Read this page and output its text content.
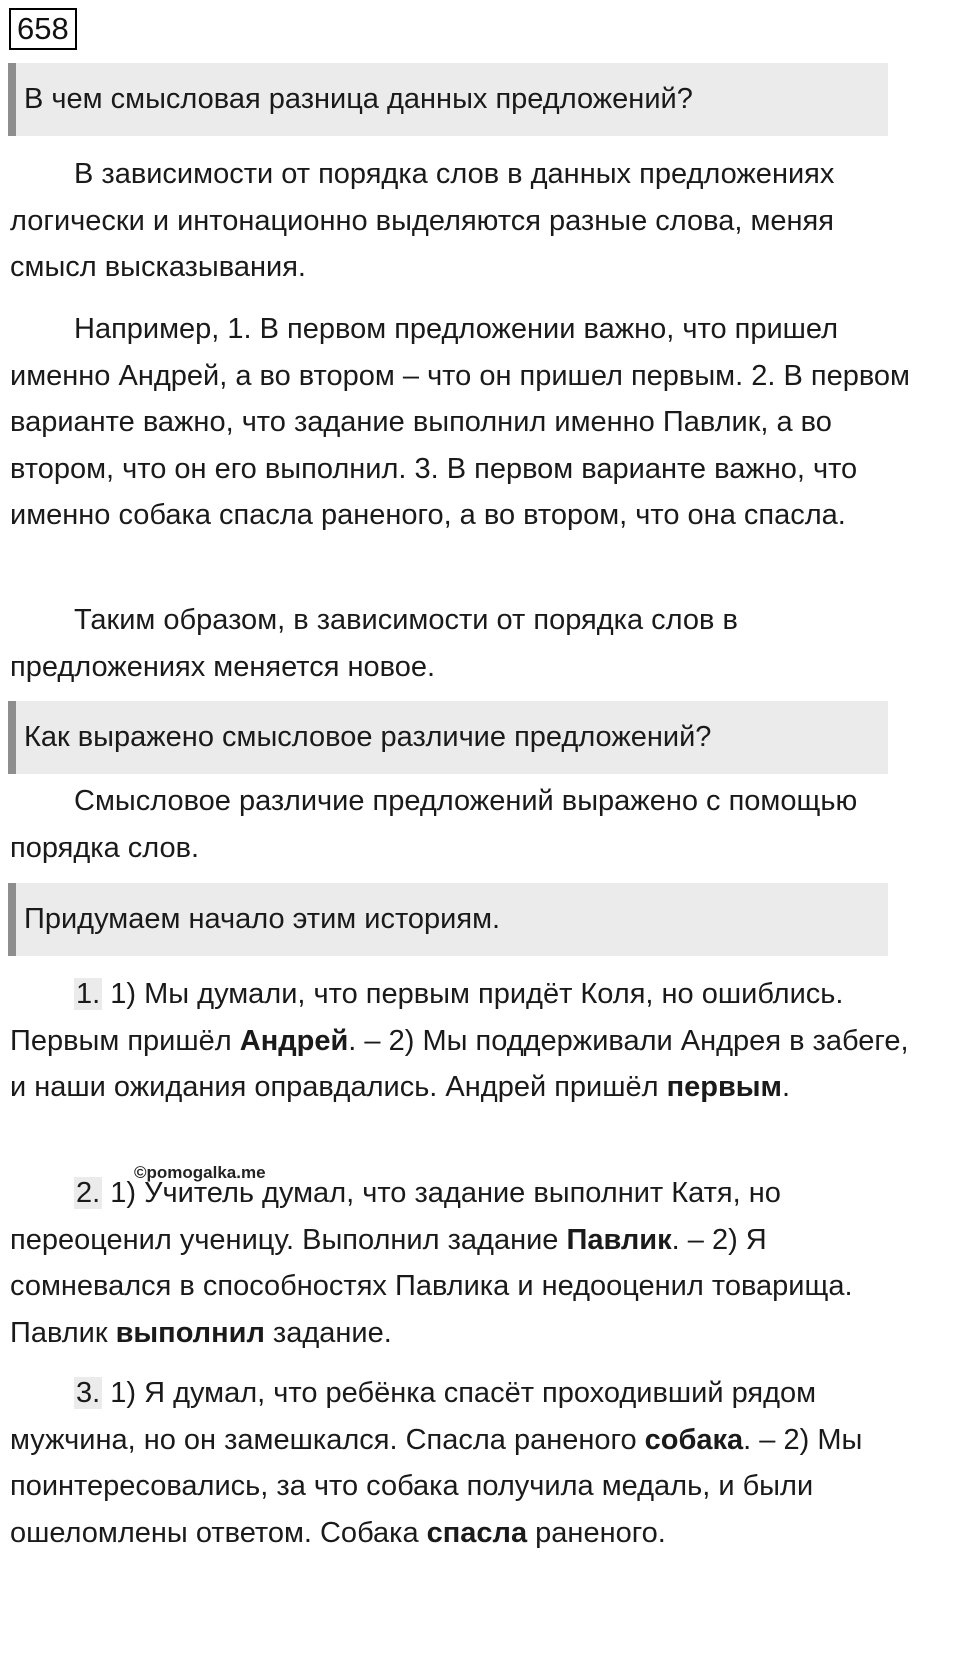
658
В чем смысловая разница данных предложений?

В зависимости от порядка слов в данных предложениях логически и интонационно выделяются разные слова, меняя смысл высказывания.

Например, 1. В первом предложении важно, что пришел именно Андрей, а во втором – что он пришел первым. 2. В первом варианте важно, что задание выполнил именно Павлик, а во втором, что он его выполнил. 3. В первом варианте важно, что именно собака спасла раненого, а во втором, что она спасла.

Таким образом, в зависимости от порядка слов в предложениях меняется новое.

Как выражено смысловое различие предложений?

Смысловое различие предложений выражено с помощью порядка слов.

Придумаем начало этим историям.

1. 1) Мы думали, что первым придёт Коля, но ошиблись. Первым пришёл Андрей. – 2) Мы поддерживали Андрея в забеге, и наши ожидания оправдались. Андрей пришёл первым.

©pomogalka.me

2. 1) Учитель думал, что задание выполнит Катя, но переоценил ученицу. Выполнил задание Павлик. – 2) Я сомневался в способностях Павлика и недооценил товарища. Павлик выполнил задание.

3. 1) Я думал, что ребёнка спасёт проходивший рядом мужчина, но он замешкался. Спасла раненого собака. – 2) Мы поинтересовались, за что собака получила медаль, и были ошеломлены ответом. Собака спасла раненого.
